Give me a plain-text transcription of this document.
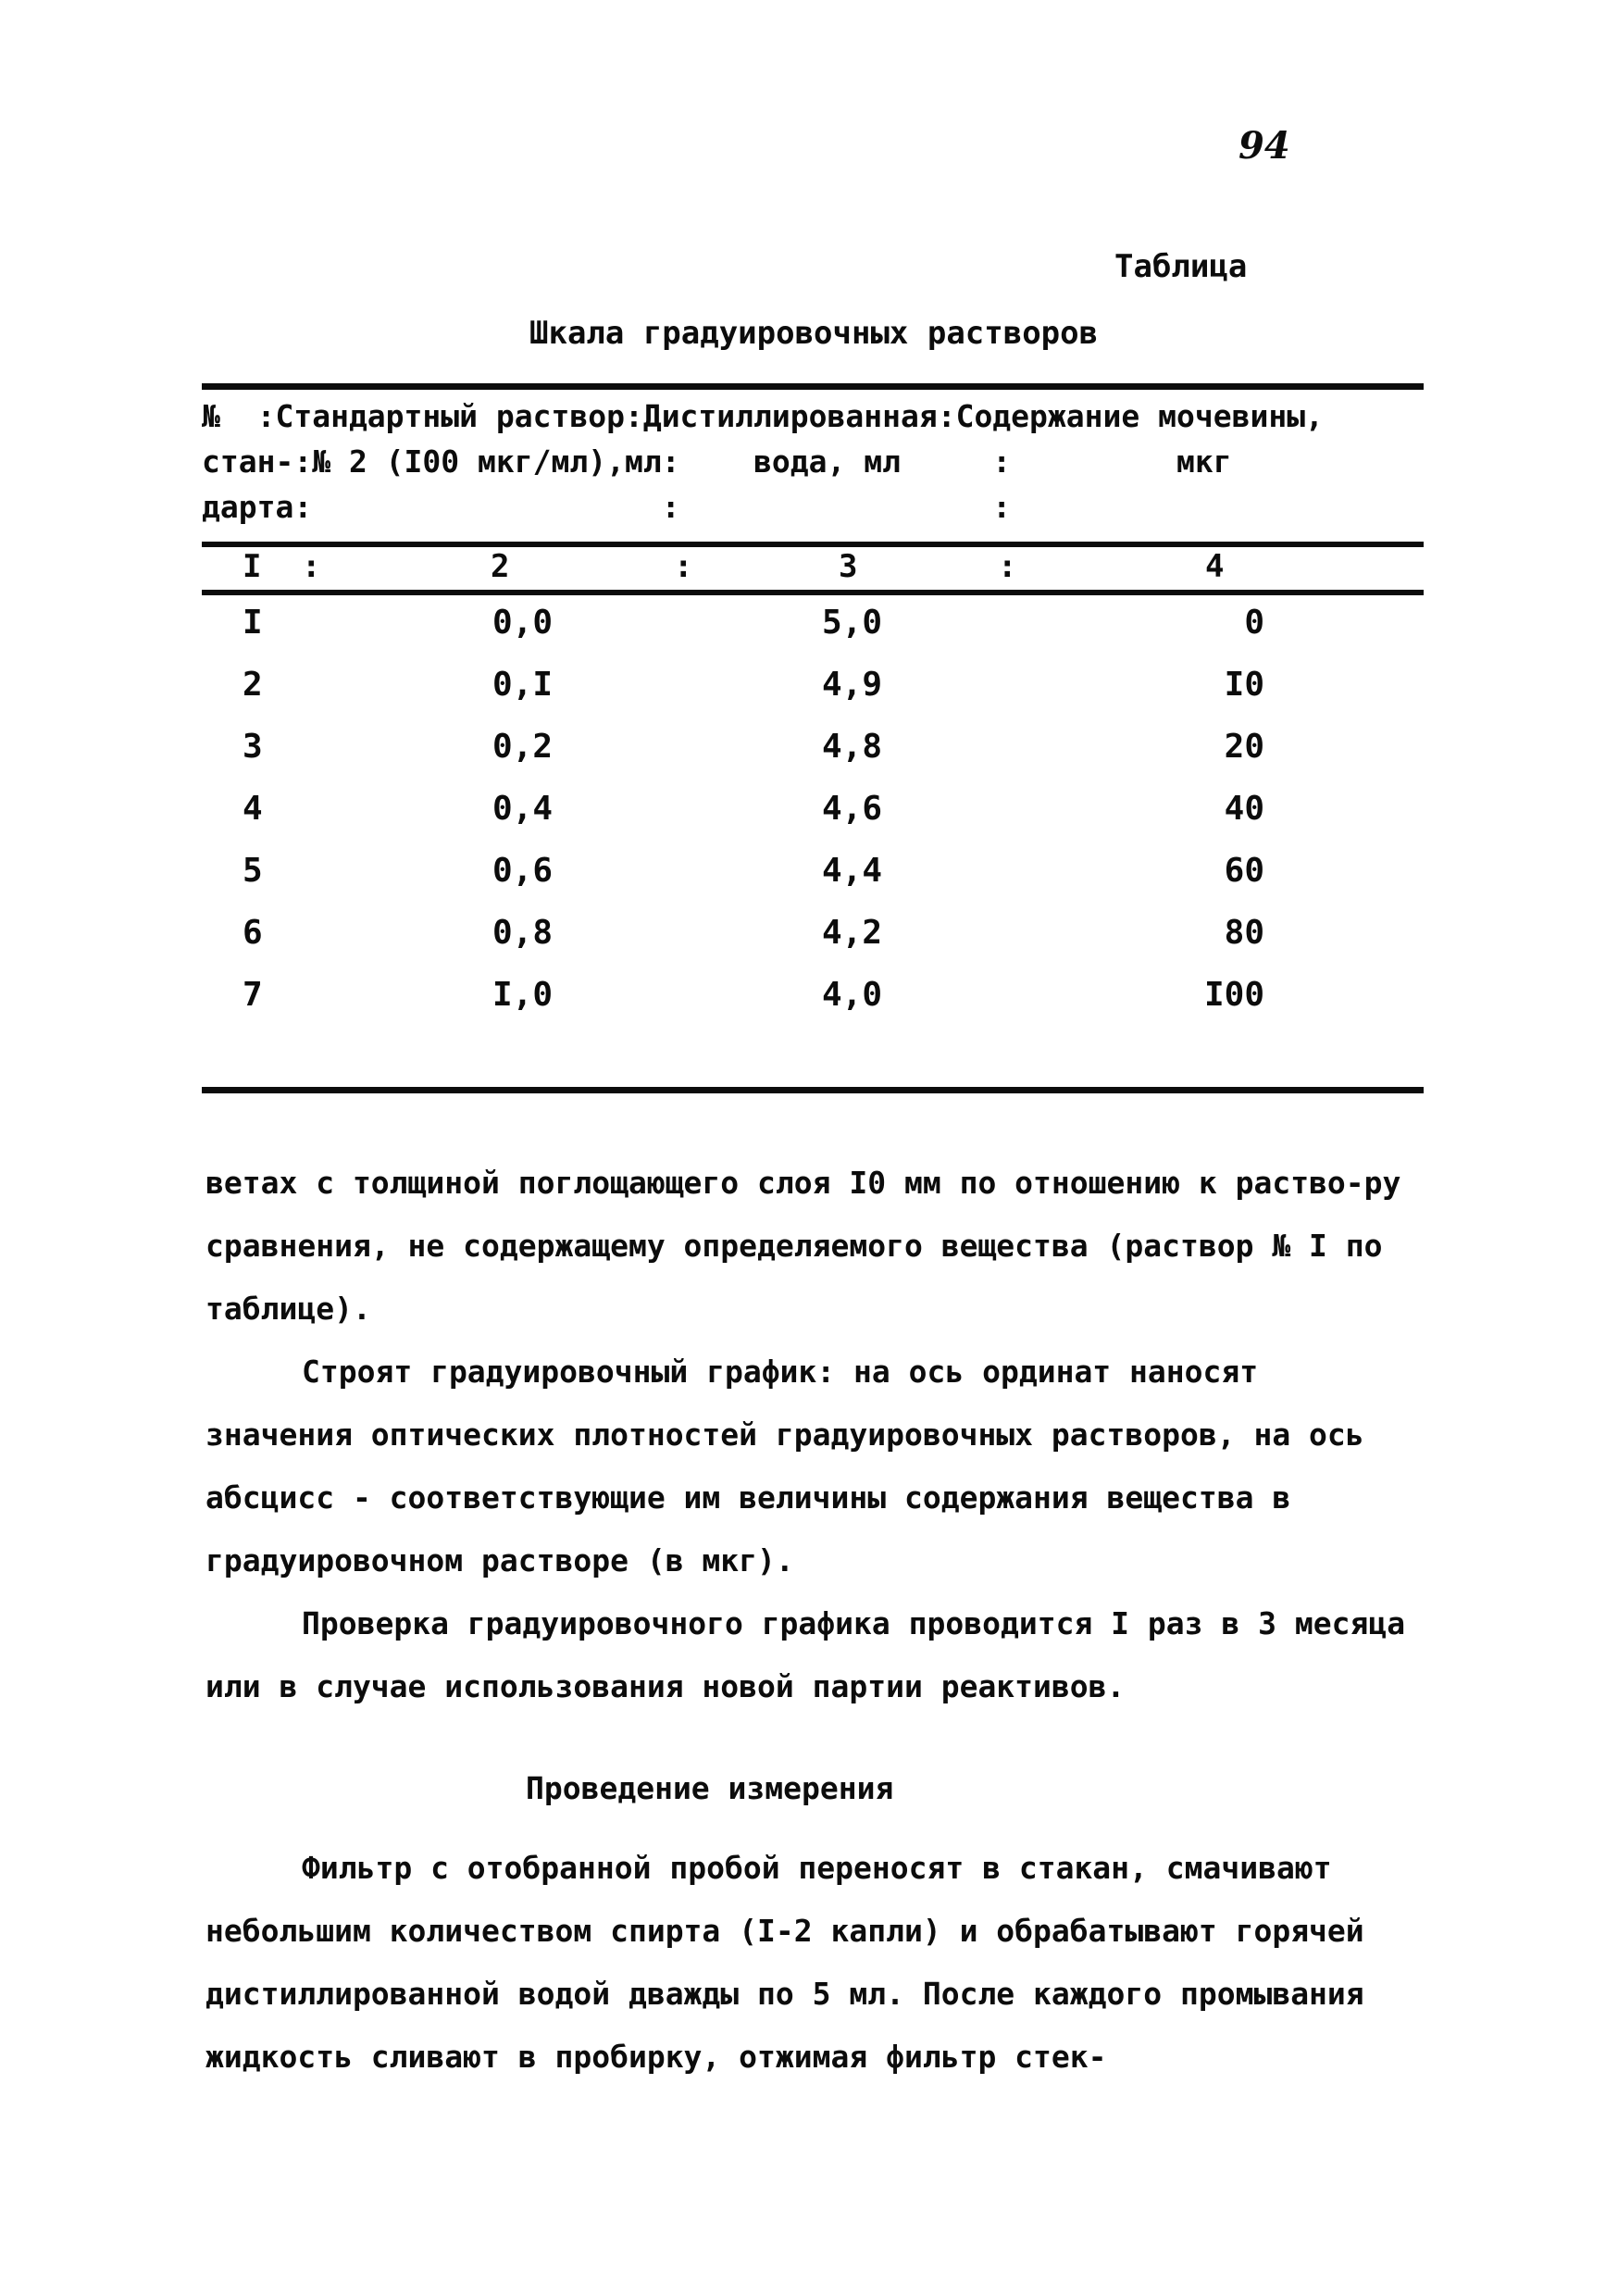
94
Таблица
Шкала градуировочных растворов
№  :Стандартный раствор:Дистиллированная:Содержание мочевины,
стан-:№ 2 (I00 мкг/мл),мл:    вода, мл     :         мкг
дарта:                   :                 :
I :	2	:	3	:	4
I	0,0	5,0	0
2	0,I	4,9	I0
3	0,2	4,8	20
4	0,4	4,6	40
5	0,6	4,4	60
6	0,8	4,2	80
7	I,0	4,0	I00
ветах с толщиной поглощающего слоя I0 мм по отношению к раство-ру сравнения, не содержащему определяемого вещества (раствор № I по таблице).
Строят градуировочный график: на ось ординат наносят значения оптических плотностей градуировочных растворов, на ось абсцисс - соответствующие им величины содержания вещества в градуировочном растворе (в мкг).
Проверка градуировочного графика проводится I раз в 3 месяца или в случае использования новой партии реактивов.
Проведение измерения
Фильтр с отобранной пробой переносят в стакан, смачивают небольшим количеством спирта (I-2 капли) и обрабатывают горячей дистиллированной водой дважды по 5 мл. После каждого промывания жидкость сливают в пробирку, отжимая фильтр стек-
